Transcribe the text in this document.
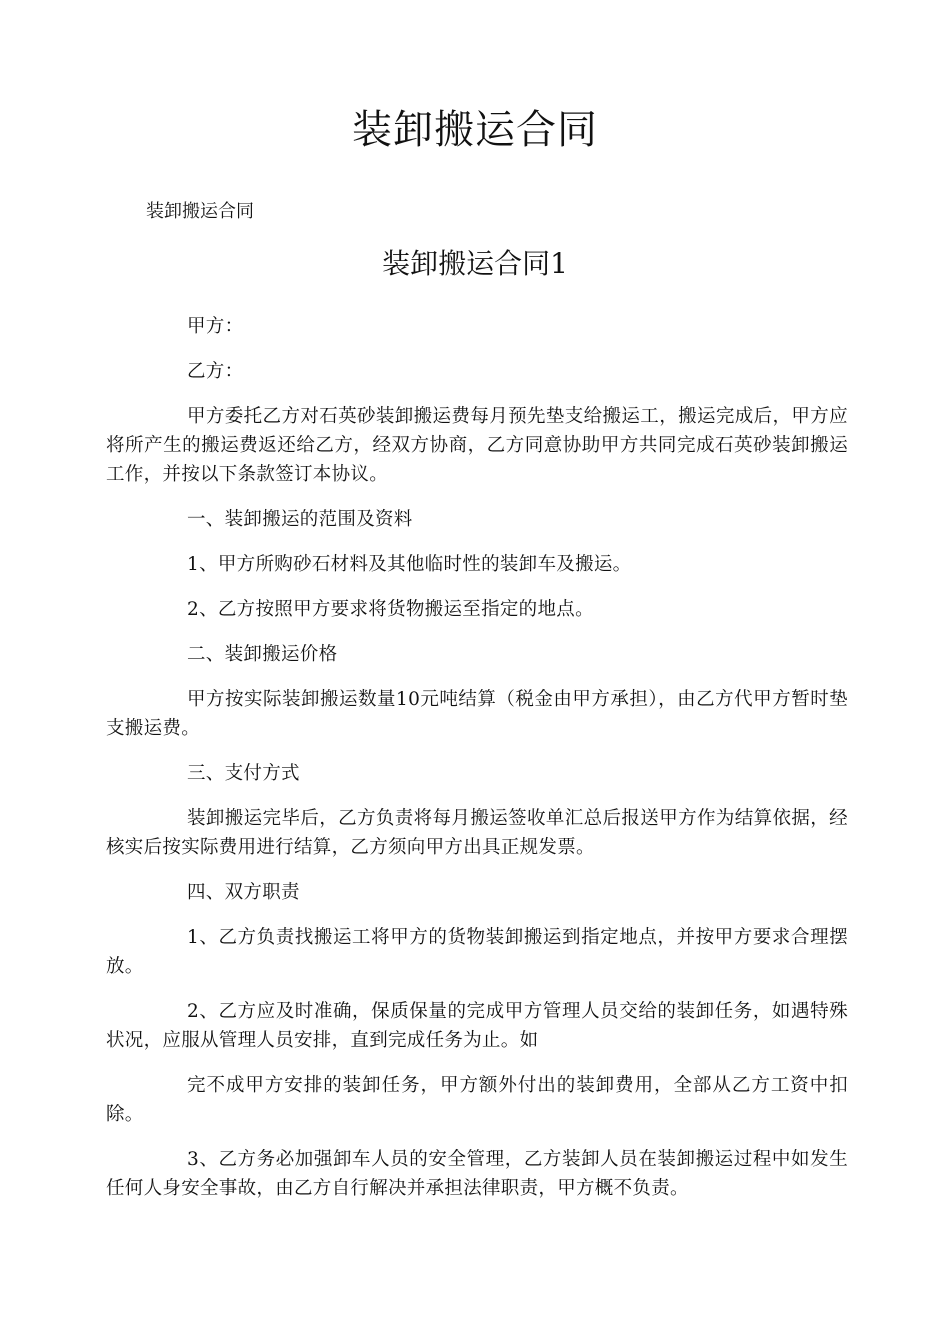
装卸搬运合同

装卸搬运合同

装卸搬运合同1

甲方：

乙方：

甲方委托乙方对石英砂装卸搬运费每月预先垫支给搬运工，搬运完成后，甲方应将所产生的搬运费返还给乙方，经双方协商，乙方同意协助甲方共同完成石英砂装卸搬运工作，并按以下条款签订本协议。

一、装卸搬运的范围及资料

1、甲方所购砂石材料及其他临时性的装卸车及搬运。

2、乙方按照甲方要求将货物搬运至指定的地点。

二、装卸搬运价格

甲方按实际装卸搬运数量10元吨结算（税金由甲方承担），由乙方代甲方暂时垫支搬运费。

三、支付方式

装卸搬运完毕后，乙方负责将每月搬运签收单汇总后报送甲方作为结算依据，经核实后按实际费用进行结算，乙方须向甲方出具正规发票。

四、双方职责

1、乙方负责找搬运工将甲方的货物装卸搬运到指定地点，并按甲方要求合理摆放。

2、乙方应及时准确，保质保量的完成甲方管理人员交给的装卸任务，如遇特殊状况，应服从管理人员安排，直到完成任务为止。如

完不成甲方安排的装卸任务，甲方额外付出的装卸费用，全部从乙方工资中扣除。

3、乙方务必加强卸车人员的安全管理，乙方装卸人员在装卸搬运过程中如发生任何人身安全事故，由乙方自行解决并承担法律职责，甲方概不负责。
